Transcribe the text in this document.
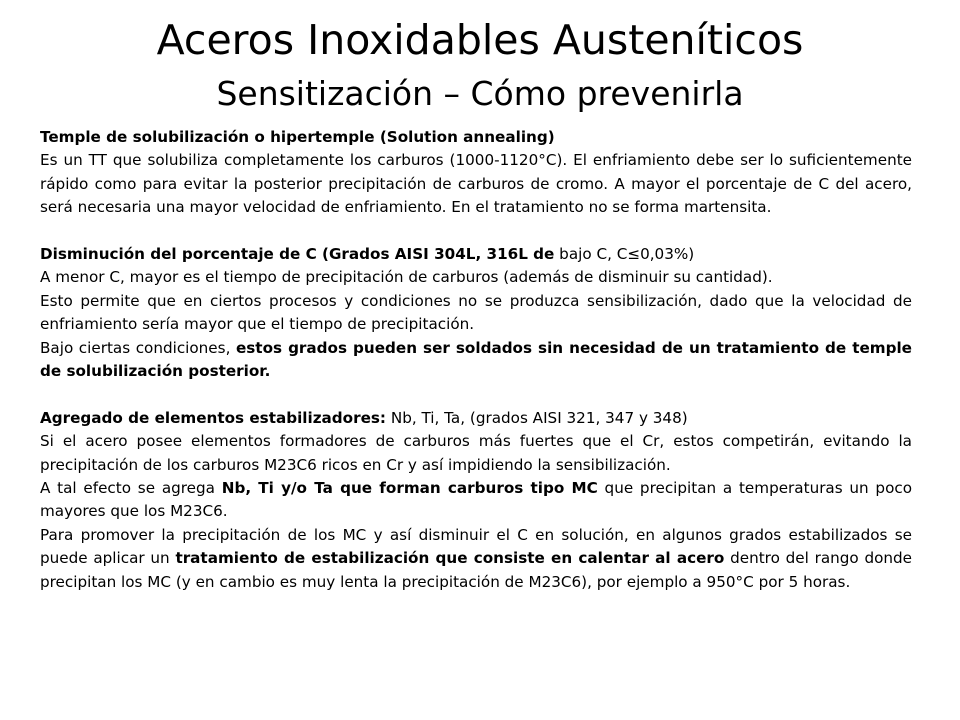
Aceros Inoxidables Austeníticos
Sensitización – Cómo prevenirla

Temple de solubilización o hipertemple (Solution annealing)

Es un TT que solubiliza completamente los carburos (1000-1120°C). El enfriamiento debe ser lo suficientemente rápido como para evitar la posterior precipitación de carburos de cromo. A mayor el porcentaje de C del acero, será necesaria una mayor velocidad de enfriamiento. En el tratamiento no se forma martensita.

Disminución del porcentaje de C (Grados AISI 304L, 316L de bajo C, C≤0,03%)

A menor C, mayor es el tiempo de precipitación de carburos (además de disminuir su cantidad).

Esto permite que en ciertos procesos y condiciones no se produzca sensibilización, dado que la velocidad de enfriamiento sería mayor que el tiempo de precipitación.

Bajo ciertas condiciones, estos grados pueden ser soldados sin necesidad de un tratamiento de temple de solubilización posterior.

Agregado de elementos estabilizadores: Nb, Ti, Ta, (grados AISI 321, 347 y 348)

Si el acero posee elementos formadores de carburos más fuertes que el Cr, estos competirán, evitando la precipitación de los carburos M23C6 ricos en Cr y así impidiendo la sensibilización.

A tal efecto se agrega Nb, Ti y/o Ta que forman carburos tipo MC que precipitan a temperaturas un poco mayores que los M23C6.

Para promover la precipitación de los MC y así disminuir el C en solución, en algunos grados estabilizados se puede aplicar un tratamiento de estabilización que consiste en calentar al acero dentro del rango donde precipitan los MC (y en cambio es muy lenta la precipitación de M23C6), por ejemplo a 950°C por 5 horas.
